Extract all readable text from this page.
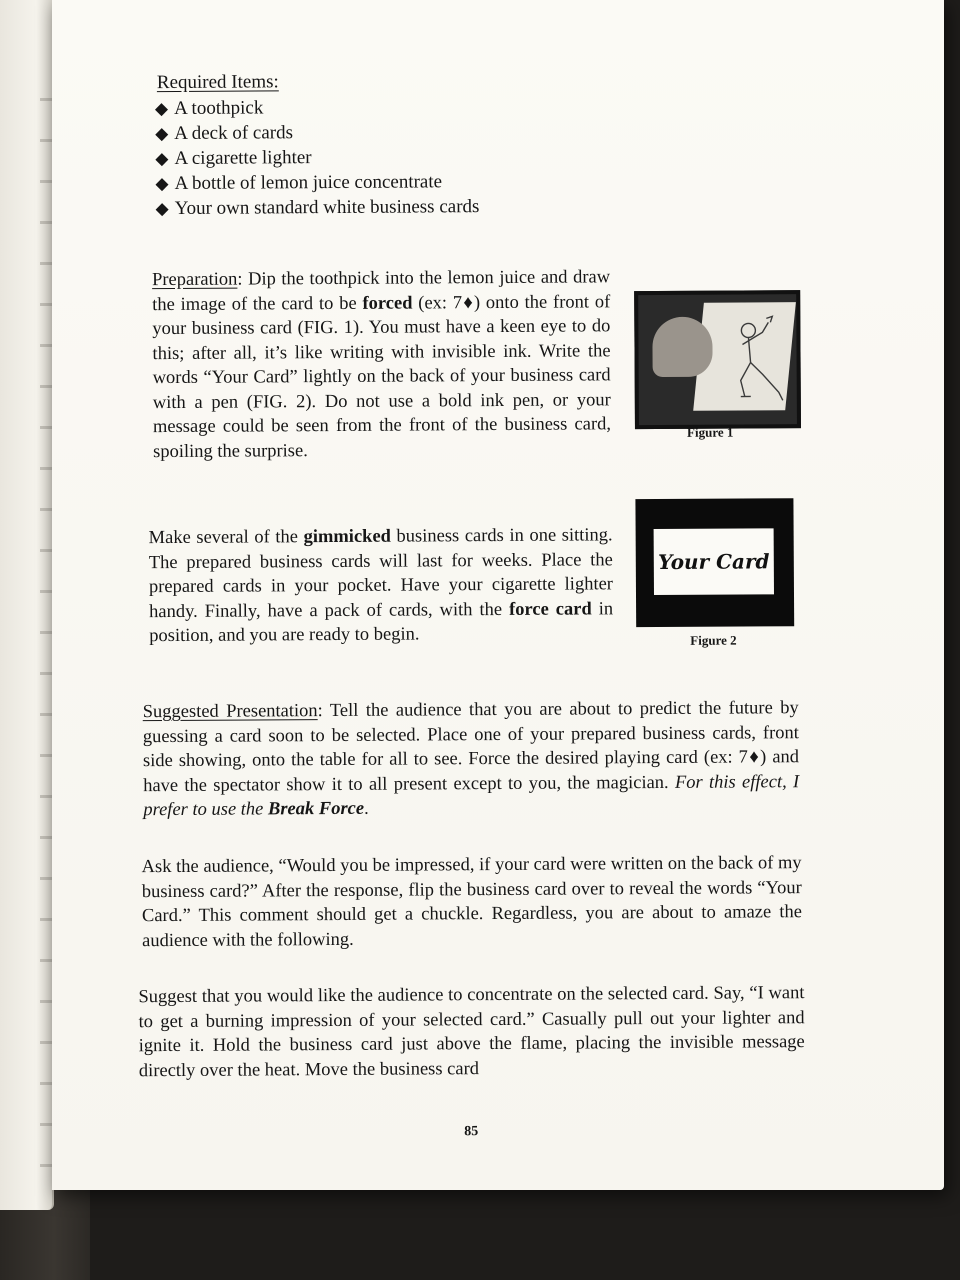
Required Items:
◆ A toothpick
◆ A deck of cards
◆ A cigarette lighter
◆ A bottle of lemon juice concentrate
◆ Your own standard white business cards

Preparation: Dip the toothpick into the lemon juice and draw the image of the card to be forced (ex: 7♦) onto the front of your business card (FIG. 1). You must have a keen eye to do this; after all, it’s like writing with invisible ink. Write the words “Your Card” lightly on the back of your business card with a pen (FIG. 2). Do not use a bold ink pen, or your message could be seen from the front of the business card, spoiling the surprise.

Figure 1

Make several of the gimmicked business cards in one sitting. The prepared business cards will last for weeks. Place the prepared cards in your pocket. Have your cigarette lighter handy. Finally, have a pack of cards, with the force card in position, and you are ready to begin.

Your Card
Figure 2

Suggested Presentation: Tell the audience that you are about to predict the future by guessing a card soon to be selected. Place one of your prepared business cards, front side showing, onto the table for all to see. Force the desired playing card (ex: 7♦) and have the spectator show it to all present except to you, the magician. For this effect, I prefer to use the Break Force.

Ask the audience, “Would you be impressed, if your card were written on the back of my business card?” After the response, flip the business card over to reveal the words “Your Card.” This comment should get a chuckle. Regardless, you are about to amaze the audience with the following.

Suggest that you would like the audience to concentrate on the selected card. Say, “I want to get a burning impression of your selected card.” Casually pull out your lighter and ignite it. Hold the business card just above the flame, placing the invisible message directly over the heat. Move the business card

85
